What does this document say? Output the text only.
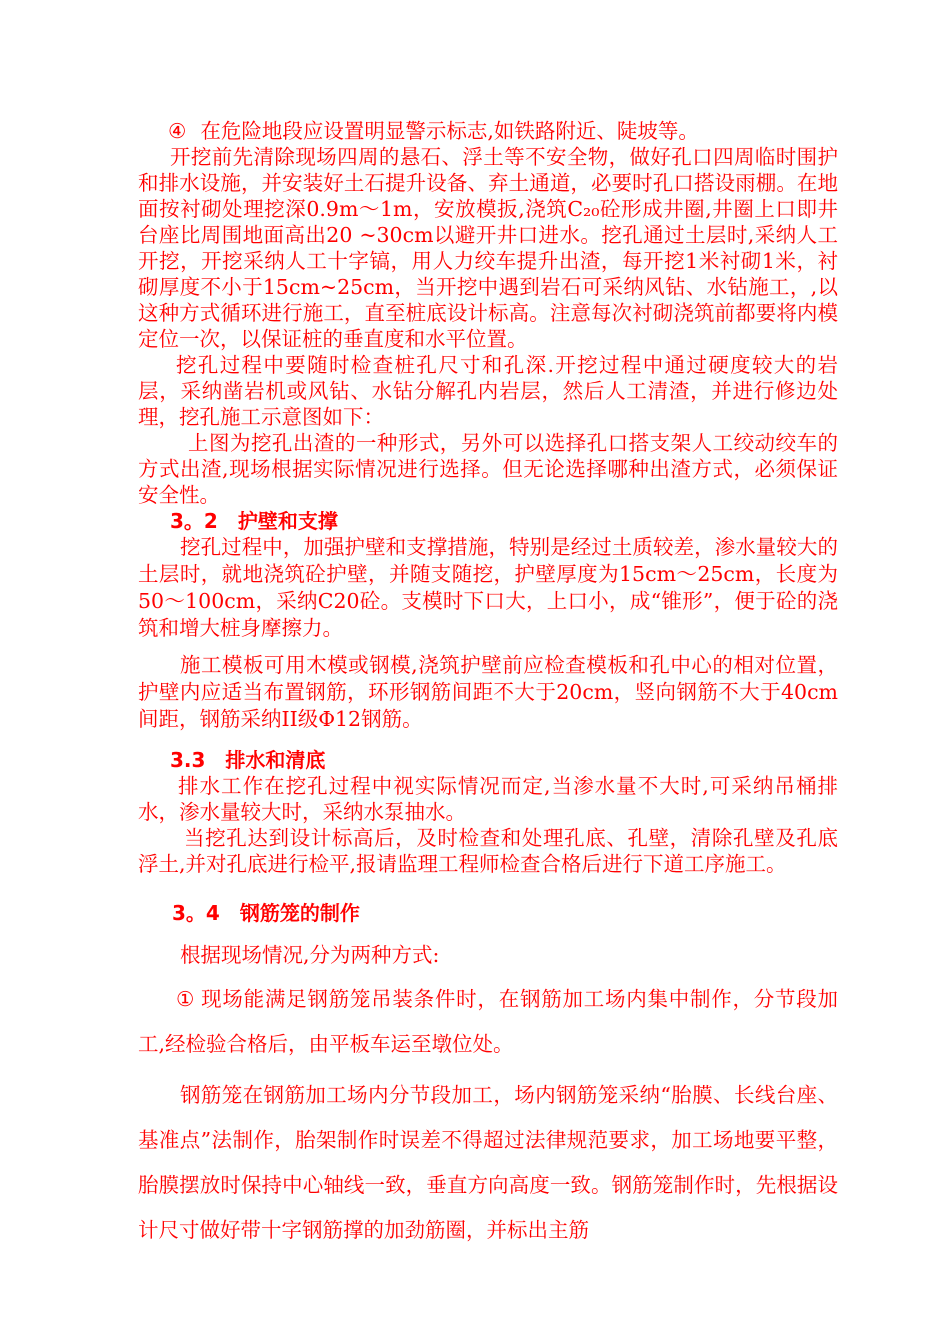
④ 在危险地段应设置明显警示标志,如铁路附近、陡坡等。

开挖前先清除现场四周的悬石、浮土等不安全物，做好孔口四周临时围护和排水设施，并安装好土石提升设备、弃土通道，必要时孔口搭设雨棚。在地面按衬砌处理挖深0.9m～1m，安放模扳,浇筑C₂₀砼形成井圈,井圈上口即井台座比周围地面高出20 ~30cm以避开井口进水。挖孔通过土层时,采纳人工开挖，开挖采纳人工十字镐，用人力绞车提升出渣，每开挖1米衬砌1米，衬砌厚度不小于15cm~25cm，当开挖中遇到岩石可采纳风钻、水钻施工，,以这种方式循环进行施工，直至桩底设计标高。注意每次衬砌浇筑前都要将内模定位一次，以保证桩的垂直度和水平位置。

挖孔过程中要随时检查桩孔尺寸和孔深.开挖过程中通过硬度较大的岩层，采纳凿岩机或风钻、水钻分解孔内岩层，然后人工清渣，并进行修边处理，挖孔施工示意图如下：

上图为挖孔出渣的一种形式，另外可以选择孔口搭支架人工绞动绞车的方式出渣,现场根据实际情况进行选择。但无论选择哪种出渣方式，必须保证安全性。

3。2　护壁和支撑

挖孔过程中，加强护壁和支撑措施，特别是经过土质较差，渗水量较大的土层时，就地浇筑砼护壁，并随支随挖，护壁厚度为15cm～25cm，长度为50～100cm，采纳C20砼。支模时下口大，上口小，成“锥形”，便于砼的浇筑和增大桩身摩擦力。

施工模板可用木模或钢模,浇筑护壁前应检查模板和孔中心的相对位置，护壁内应适当布置钢筋，环形钢筋间距不大于20cm，竖向钢筋不大于40cm间距，钢筋采纳II级Φ12钢筋。

3.3　排水和清底

排水工作在挖孔过程中视实际情况而定,当渗水量不大时,可采纳吊桶排水，渗水量较大时，采纳水泵抽水。

当挖孔达到设计标高后，及时检查和处理孔底、孔壁，清除孔壁及孔底浮土,并对孔底进行检平,报请监理工程师检查合格后进行下道工序施工。

3。4　钢筋笼的制作

根据现场情况,分为两种方式:

① 现场能满足钢筋笼吊装条件时，在钢筋加工场内集中制作，分节段加工,经检验合格后，由平板车运至墩位处。

钢筋笼在钢筋加工场内分节段加工，场内钢筋笼采纳“胎膜、长线台座、基准点”法制作，胎架制作时误差不得超过法律规范要求，加工场地要平整，胎膜摆放时保持中心轴线一致，垂直方向高度一致。钢筋笼制作时，先根据设计尺寸做好带十字钢筋撑的加劲筋圈，并标出主筋
